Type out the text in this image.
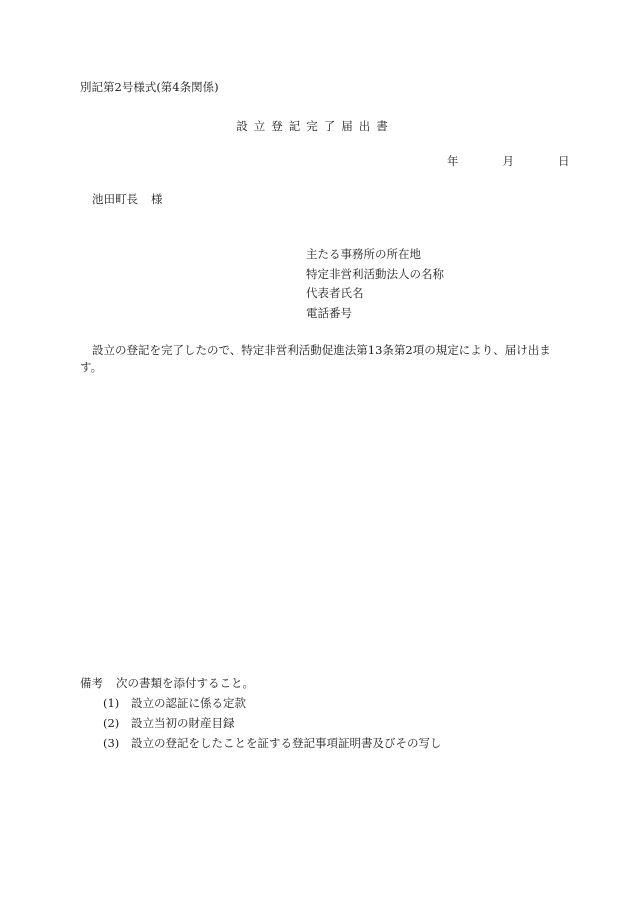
別記第2号様式(第4条関係)
設立登記完了届出書
年	月	日
池田町長 様
主たる事務所の所在地
特定非営利活動法人の名称
代表者氏名
電話番号
設立の登記を完了したので、特定非営利活動促進法第13条第2項の規定により、届け出ます。
備考 次の書類を添付すること。
(1) 設立の認証に係る定款
(2) 設立当初の財産目録
(3) 設立の登記をしたことを証する登記事項証明書及びその写し
